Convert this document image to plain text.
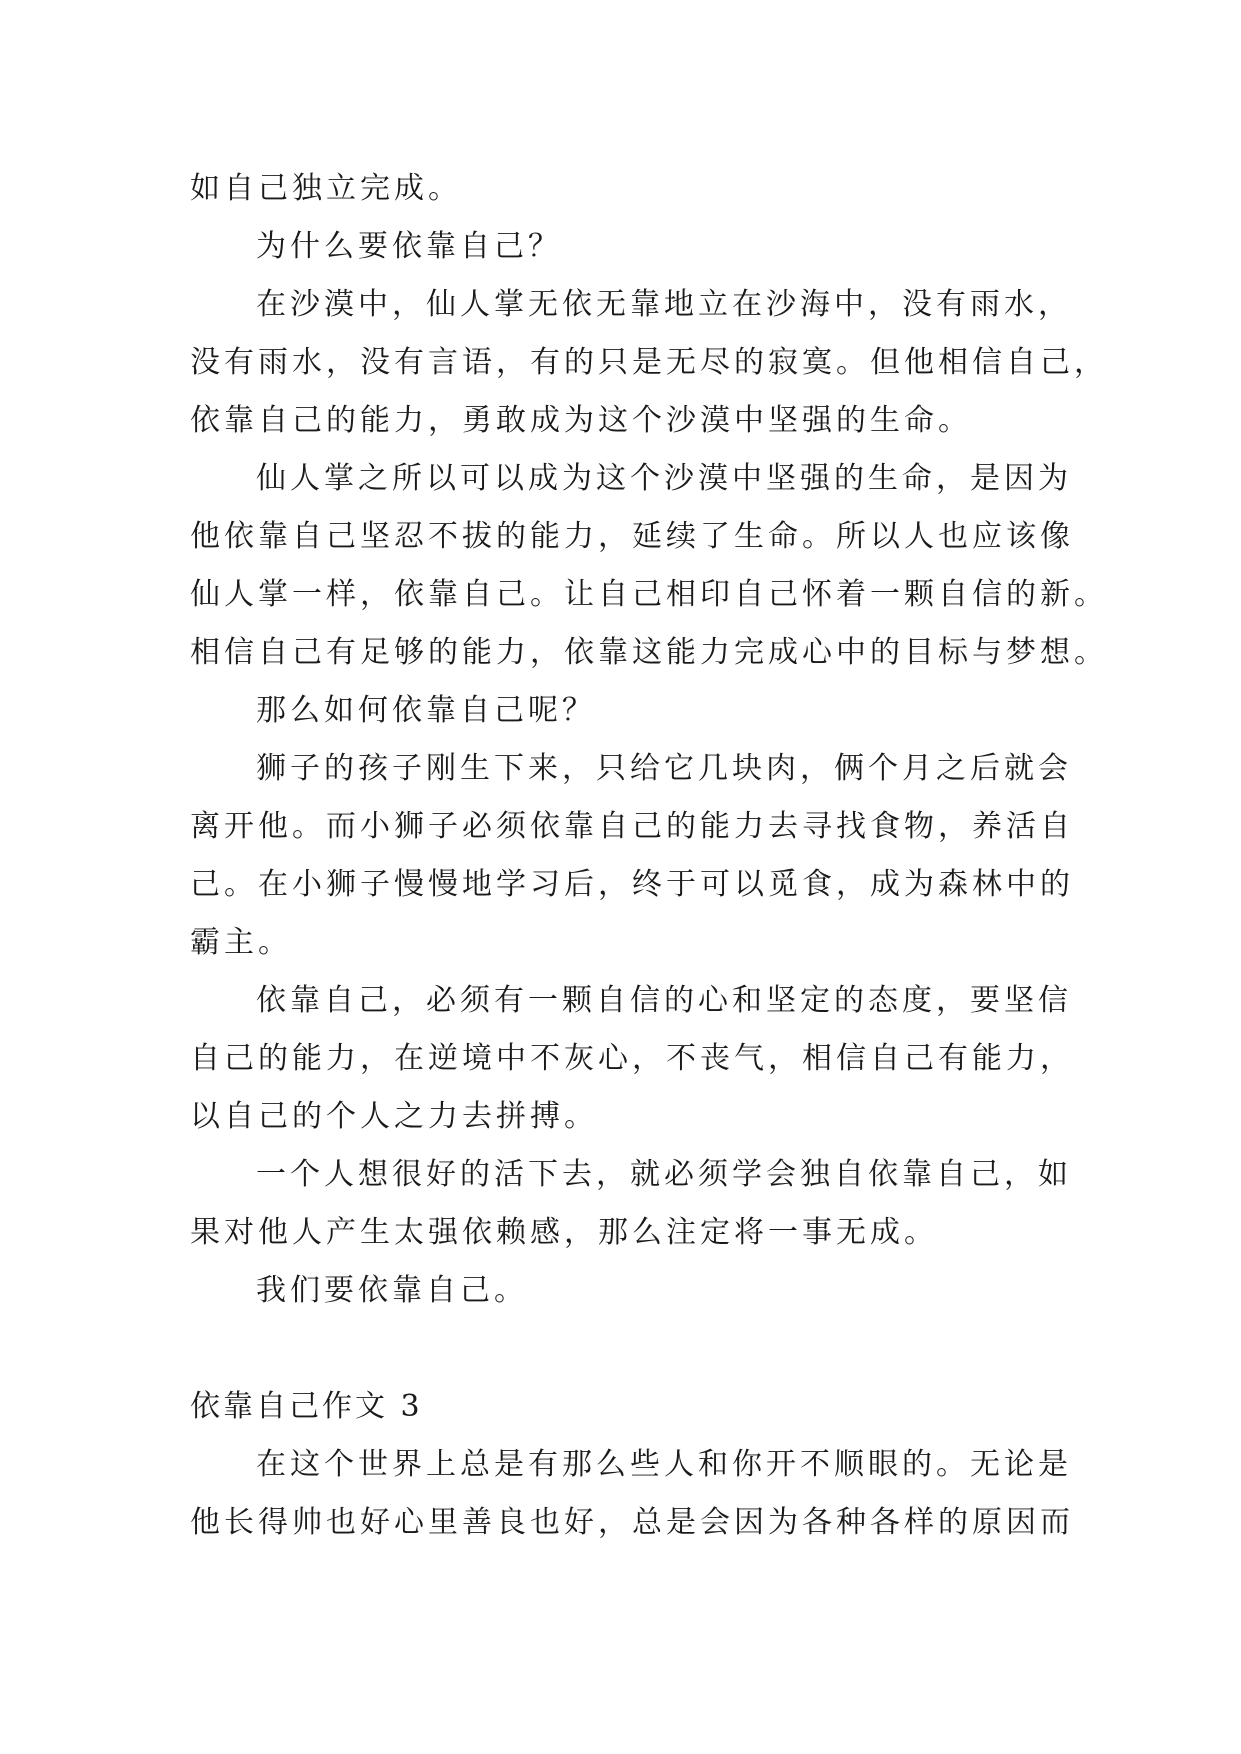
如自己独立完成。
为什么要依靠自己？
在沙漠中，仙人掌无依无靠地立在沙海中，没有雨水，
没有雨水，没有言语，有的只是无尽的寂寞。但他相信自己，
依靠自己的能力，勇敢成为这个沙漠中坚强的生命。
仙人掌之所以可以成为这个沙漠中坚强的生命，是因为
他依靠自己坚忍不拔的能力，延续了生命。所以人也应该像
仙人掌一样，依靠自己。让自己相印自己怀着一颗自信的新。
相信自己有足够的能力，依靠这能力完成心中的目标与梦想。
那么如何依靠自己呢？
狮子的孩子刚生下来，只给它几块肉，俩个月之后就会
离开他。而小狮子必须依靠自己的能力去寻找食物，养活自
己。在小狮子慢慢地学习后，终于可以觅食，成为森林中的
霸主。
依靠自己，必须有一颗自信的心和坚定的态度，要坚信
自己的能力，在逆境中不灰心，不丧气，相信自己有能力，
以自己的个人之力去拼搏。
一个人想很好的活下去，就必须学会独自依靠自己，如
果对他人产生太强依赖感，那么注定将一事无成。
我们要依靠自己。
依靠自己作文 3
在这个世界上总是有那么些人和你开不顺眼的。无论是
他长得帅也好心里善良也好，总是会因为各种各样的原因而
